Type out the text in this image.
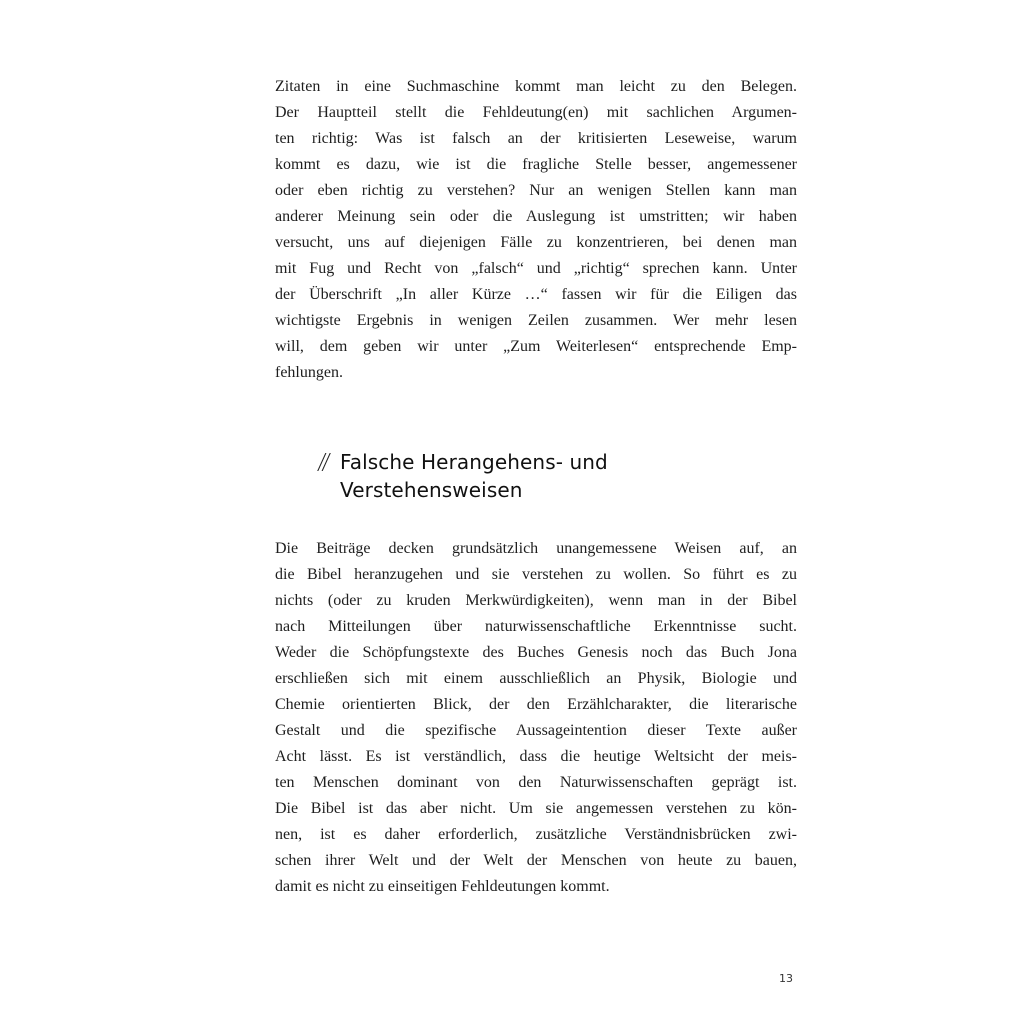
Zitaten in eine Suchmaschine kommt man leicht zu den Belegen.
Der Hauptteil stellt die Fehldeutung(en) mit sachlichen Argumen-
ten richtig: Was ist falsch an der kritisierten Leseweise, warum
kommt es dazu, wie ist die fragliche Stelle besser, angemessener
oder eben richtig zu verstehen? Nur an wenigen Stellen kann man
anderer Meinung sein oder die Auslegung ist umstritten; wir haben
versucht, uns auf diejenigen Fälle zu konzentrieren, bei denen man
mit Fug und Recht von „falsch“ und „richtig“ sprechen kann. Unter
der Überschrift „In aller Kürze …“ fassen wir für die Eiligen das
wichtigste Ergebnis in wenigen Zeilen zusammen. Wer mehr lesen
will, dem geben wir unter „Zum Weiterlesen“ entsprechende Emp-
fehlungen.
// Falsche Herangehens- und
Verstehensweisen
Die Beiträge decken grundsätzlich unangemessene Weisen auf, an
die Bibel heranzugehen und sie verstehen zu wollen. So führt es zu
nichts (oder zu kruden Merkwürdigkeiten), wenn man in der Bibel
nach Mitteilungen über naturwissenschaftliche Erkenntnisse sucht.
Weder die Schöpfungstexte des Buches Genesis noch das Buch Jona
erschließen sich mit einem ausschließlich an Physik, Biologie und
Chemie orientierten Blick, der den Erzählcharakter, die literarische
Gestalt und die spezifische Aussageintention dieser Texte außer
Acht lässt. Es ist verständlich, dass die heutige Weltsicht der meis-
ten Menschen dominant von den Naturwissenschaften geprägt ist.
Die Bibel ist das aber nicht. Um sie angemessen verstehen zu kön-
nen, ist es daher erforderlich, zusätzliche Verständnisbrücken zwi-
schen ihrer Welt und der Welt der Menschen von heute zu bauen,
damit es nicht zu einseitigen Fehldeutungen kommt.
13
